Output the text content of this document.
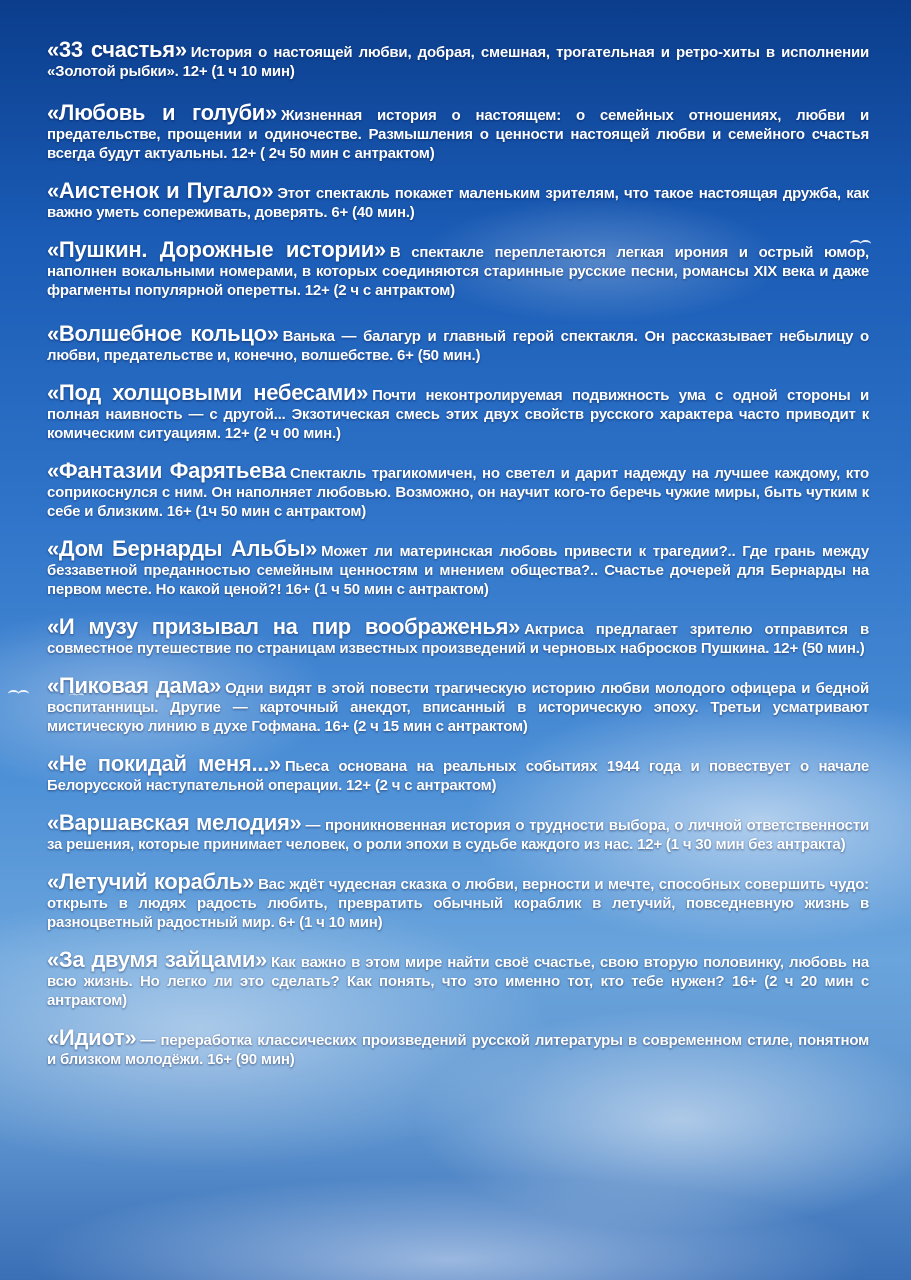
«33 счастья» История о настоящей любви, добрая, смешная, трогательная и ретро-хиты в исполнении «Золотой рыбки». 12+ (1 ч 10 мин)

«Любовь и голуби» Жизненная история о настоящем: о семейных отношениях, любви и предательстве, прощении и одиночестве. Размышления о ценности настоящей любви и семейного счастья всегда будут актуальны. 12+ ( 2ч 50 мин с антрактом)

«Аистенок и Пугало» Этот спектакль покажет маленьким зрителям, что такое настоящая дружба, как важно уметь сопереживать, доверять. 6+ (40 мин.)

«Пушкин. Дорожные истории» В спектакле переплетаются легкая ирония и острый юмор, наполнен вокальными номерами, в которых соединяются старинные русские песни, романсы XIX века и даже фрагменты популярной оперетты. 12+ (2 ч с антрактом)

«Волшебное кольцо» Ванька — балагур и главный герой спектакля. Он рассказывает небылицу о любви, предательстве и, конечно, волшебстве. 6+ (50 мин.)

«Под холщовыми небесами» Почти неконтролируемая подвижность ума с одной стороны и полная наивность — с другой... Экзотическая смесь этих двух свойств русского характера часто приводит к комическим ситуациям. 12+ (2 ч 00 мин.)

«Фантазии Фарятьева Спектакль трагикомичен, но светел и дарит надежду на лучшее каждому, кто соприкоснулся с ним. Он наполняет любовью. Возможно, он научит кого-то беречь чужие миры, быть чутким к себе и близким. 16+ (1ч 50 мин с антрактом)

«Дом Бернарды Альбы» Может ли материнская любовь привести к трагедии?.. Где грань между беззаветной преданностью семейным ценностям и мнением общества?.. Счастье дочерей для Бернарды на первом месте. Но какой ценой?! 16+ (1 ч 50 мин с антрактом)

«И музу призывал на пир воображенья» Актриса предлагает зрителю отправится в совместное путешествие по страницам известных произведений и черновых набросков Пушкина. 12+ (50 мин.)

«Пиковая дама» Одни видят в этой повести трагическую историю любви молодого офицера и бедной воспитанницы. Другие — карточный анекдот, вписанный в историческую эпоху. Третьи усматривают мистическую линию в духе Гофмана. 16+ (2 ч 15 мин с антрактом)

«Не покидай меня...» Пьеса основана на реальных событиях 1944 года и повествует о начале Белорусской наступательной операции. 12+ (2 ч с антрактом)

«Варшавская мелодия» — проникновенная история о трудности выбора, о личной ответственности за решения, которые принимает человек, о роли эпохи в судьбе каждого из нас. 12+ (1 ч 30 мин без антракта)

«Летучий корабль» Вас ждёт чудесная сказка о любви, верности и мечте, способных совершить чудо: открыть в людях радость любить, превратить обычный кораблик в летучий, повседневную жизнь в разноцветный радостный мир. 6+ (1 ч 10 мин)

«За двумя зайцами» Как важно в этом мире найти своё счастье, свою вторую половинку, любовь на всю жизнь. Но легко ли это сделать? Как понять, что это именно тот, кто тебе нужен? 16+ (2 ч 20 мин с антрактом)

«Идиот» — переработка классических произведений русской литературы в современном стиле, понятном и близком молодёжи. 16+ (90 мин)
